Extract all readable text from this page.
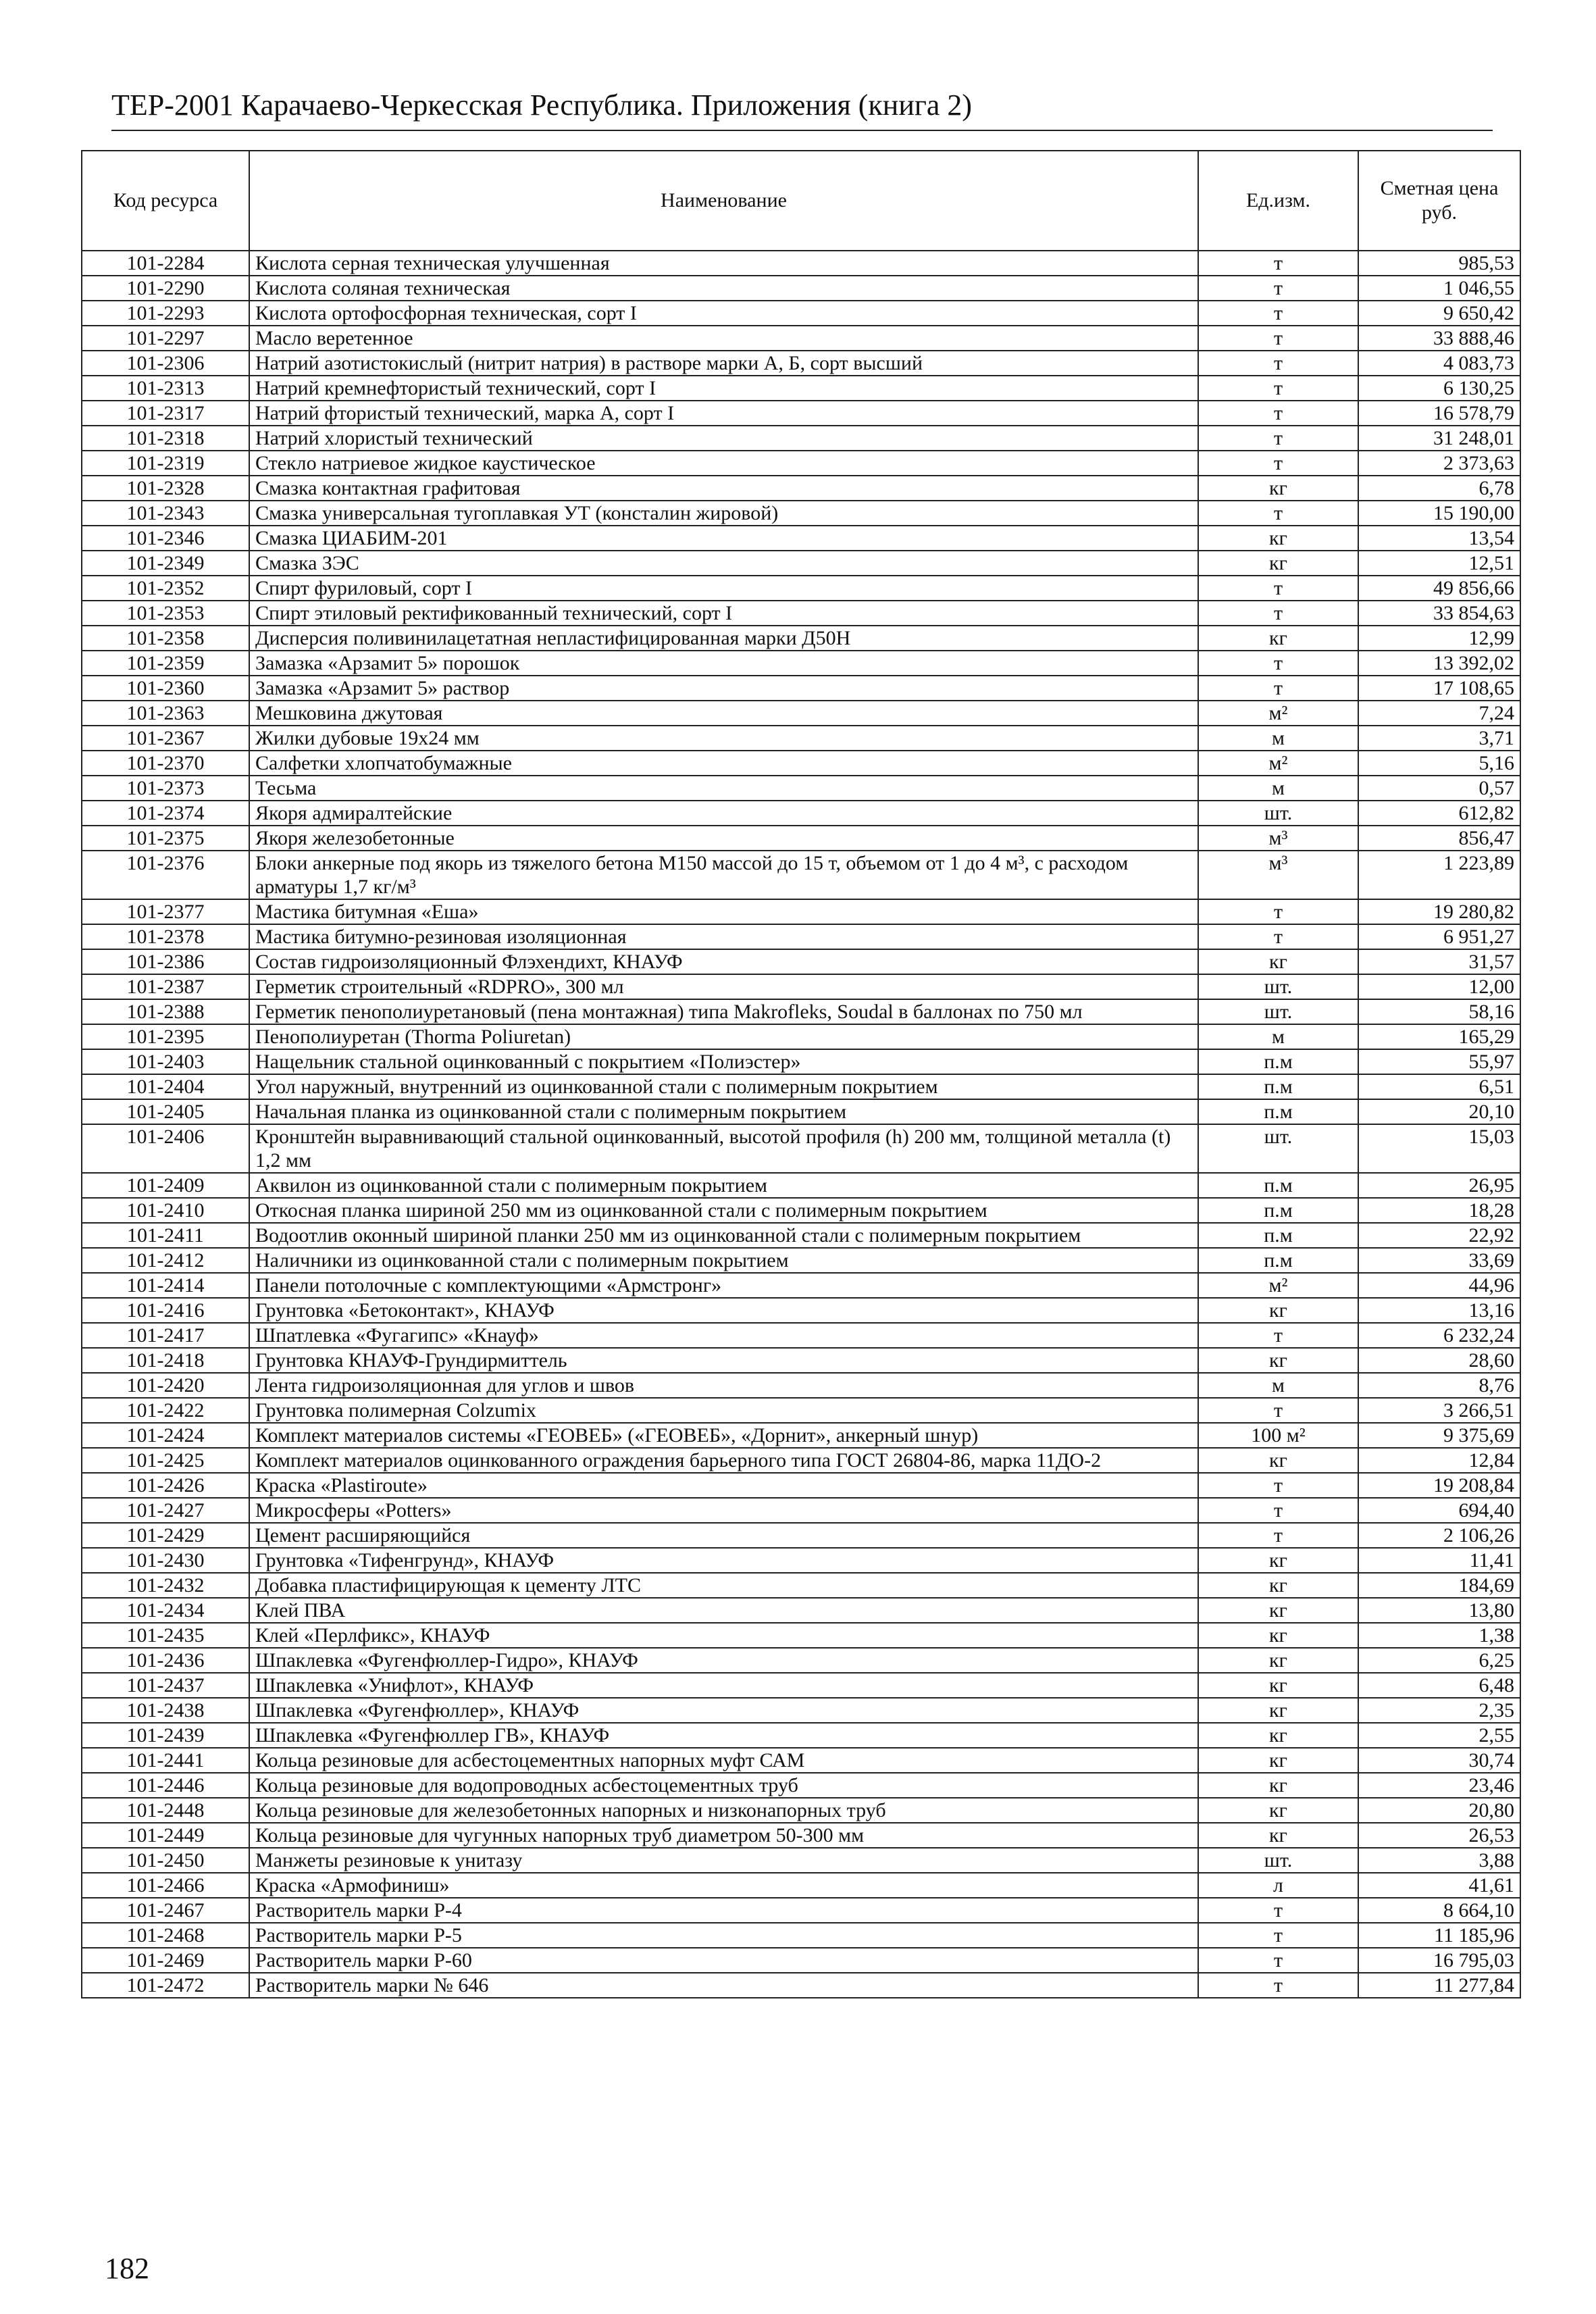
ТЕР-2001 Карачаево-Черкесская Республика. Приложения (книга 2)
Код ресурса	Наименование	Ед.изм.	Сметная цена руб.
101-2284	Кислота серная техническая улучшенная	т	985,53
101-2290	Кислота соляная техническая	т	1 046,55
101-2293	Кислота ортофосфорная техническая, сорт I	т	9 650,42
101-2297	Масло веретенное	т	33 888,46
101-2306	Натрий азотистокислый (нитрит натрия) в растворе марки А, Б, сорт высший	т	4 083,73
101-2313	Натрий кремнефтористый технический, сорт I	т	6 130,25
101-2317	Натрий фтористый технический, марка А, сорт I	т	16 578,79
101-2318	Натрий хлористый технический	т	31 248,01
101-2319	Стекло натриевое жидкое каустическое	т	2 373,63
101-2328	Смазка контактная графитовая	кг	6,78
101-2343	Смазка универсальная тугоплавкая УТ (консталин жировой)	т	15 190,00
101-2346	Смазка ЦИАБИМ-201	кг	13,54
101-2349	Смазка ЗЭС	кг	12,51
101-2352	Спирт фуриловый, сорт I	т	49 856,66
101-2353	Спирт этиловый ректификованный технический, сорт I	т	33 854,63
101-2358	Дисперсия поливинилацетатная непластифицированная марки Д50Н	кг	12,99
101-2359	Замазка «Арзамит 5» порошок	т	13 392,02
101-2360	Замазка «Арзамит 5» раствор	т	17 108,65
101-2363	Мешковина джутовая	м²	7,24
101-2367	Жилки дубовые 19х24 мм	м	3,71
101-2370	Салфетки хлопчатобумажные	м²	5,16
101-2373	Тесьма	м	0,57
101-2374	Якоря адмиралтейские	шт.	612,82
101-2375	Якоря железобетонные	м³	856,47
101-2376	Блоки анкерные под якорь из тяжелого бетона М150 массой до 15 т, объемом от 1 до 4 м³, с расходом арматуры 1,7 кг/м³	м³	1 223,89
101-2377	Мастика битумная «Еша»	т	19 280,82
101-2378	Мастика битумно-резиновая изоляционная	т	6 951,27
101-2386	Состав гидроизоляционный Флэхендихт, КНАУФ	кг	31,57
101-2387	Герметик строительный «RDPRO», 300 мл	шт.	12,00
101-2388	Герметик пенополиуретановый (пена монтажная) типа Makroflеks, Soudal в баллонах по 750 мл	шт.	58,16
101-2395	Пенополиуретан (Thorma Poliuretan)	м	165,29
101-2403	Нащельник стальной оцинкованный с покрытием «Полиэстер»	п.м	55,97
101-2404	Угол наружный, внутренний из оцинкованной стали с полимерным покрытием	п.м	6,51
101-2405	Начальная планка из оцинкованной стали с полимерным покрытием	п.м	20,10
101-2406	Кронштейн выравнивающий стальной оцинкованный, высотой профиля (h) 200 мм, толщиной металла (t) 1,2 мм	шт.	15,03
101-2409	Аквилон из оцинкованной стали с полимерным покрытием	п.м	26,95
101-2410	Откосная планка шириной 250 мм из оцинкованной стали с полимерным покрытием	п.м	18,28
101-2411	Водоотлив оконный шириной планки 250 мм из оцинкованной стали с полимерным покрытием	п.м	22,92
101-2412	Наличники из оцинкованной стали с полимерным покрытием	п.м	33,69
101-2414	Панели потолочные с комплектующими «Армстронг»	м²	44,96
101-2416	Грунтовка «Бетоконтакт», КНАУФ	кг	13,16
101-2417	Шпатлевка «Фугагипс» «Кнауф»	т	6 232,24
101-2418	Грунтовка КНАУФ-Грундирмиттель	кг	28,60
101-2420	Лента гидроизоляционная для углов и швов	м	8,76
101-2422	Грунтовка полимерная Colzumix	т	3 266,51
101-2424	Комплект материалов системы «ГЕОВЕБ» («ГЕОВЕБ», «Дорнит», анкерный шнур)	100 м²	9 375,69
101-2425	Комплект материалов оцинкованного ограждения барьерного типа ГОСТ 26804-86, марка 11ДО-2	кг	12,84
101-2426	Краска «Plastiroute»	т	19 208,84
101-2427	Микросферы «Potters»	т	694,40
101-2429	Цемент расширяющийся	т	2 106,26
101-2430	Грунтовка «Тифенгрунд», КНАУФ	кг	11,41
101-2432	Добавка пластифицирующая к цементу ЛТС	кг	184,69
101-2434	Клей ПВА	кг	13,80
101-2435	Клей «Перлфикс», КНАУФ	кг	1,38
101-2436	Шпаклевка «Фугенфюллер-Гидро», КНАУФ	кг	6,25
101-2437	Шпаклевка «Унифлот», КНАУФ	кг	6,48
101-2438	Шпаклевка «Фугенфюллер», КНАУФ	кг	2,35
101-2439	Шпаклевка «Фугенфюллер ГВ», КНАУФ	кг	2,55
101-2441	Кольца резиновые для асбестоцементных напорных муфт САМ	кг	30,74
101-2446	Кольца резиновые для водопроводных асбестоцементных труб	кг	23,46
101-2448	Кольца резиновые для железобетонных напорных и низконапорных труб	кг	20,80
101-2449	Кольца резиновые для чугунных напорных труб диаметром 50-300 мм	кг	26,53
101-2450	Манжеты резиновые к унитазу	шт.	3,88
101-2466	Краска «Армофиниш»	л	41,61
101-2467	Растворитель марки Р-4	т	8 664,10
101-2468	Растворитель марки Р-5	т	11 185,96
101-2469	Растворитель марки Р-60	т	16 795,03
101-2472	Растворитель марки № 646	т	11 277,84
182
